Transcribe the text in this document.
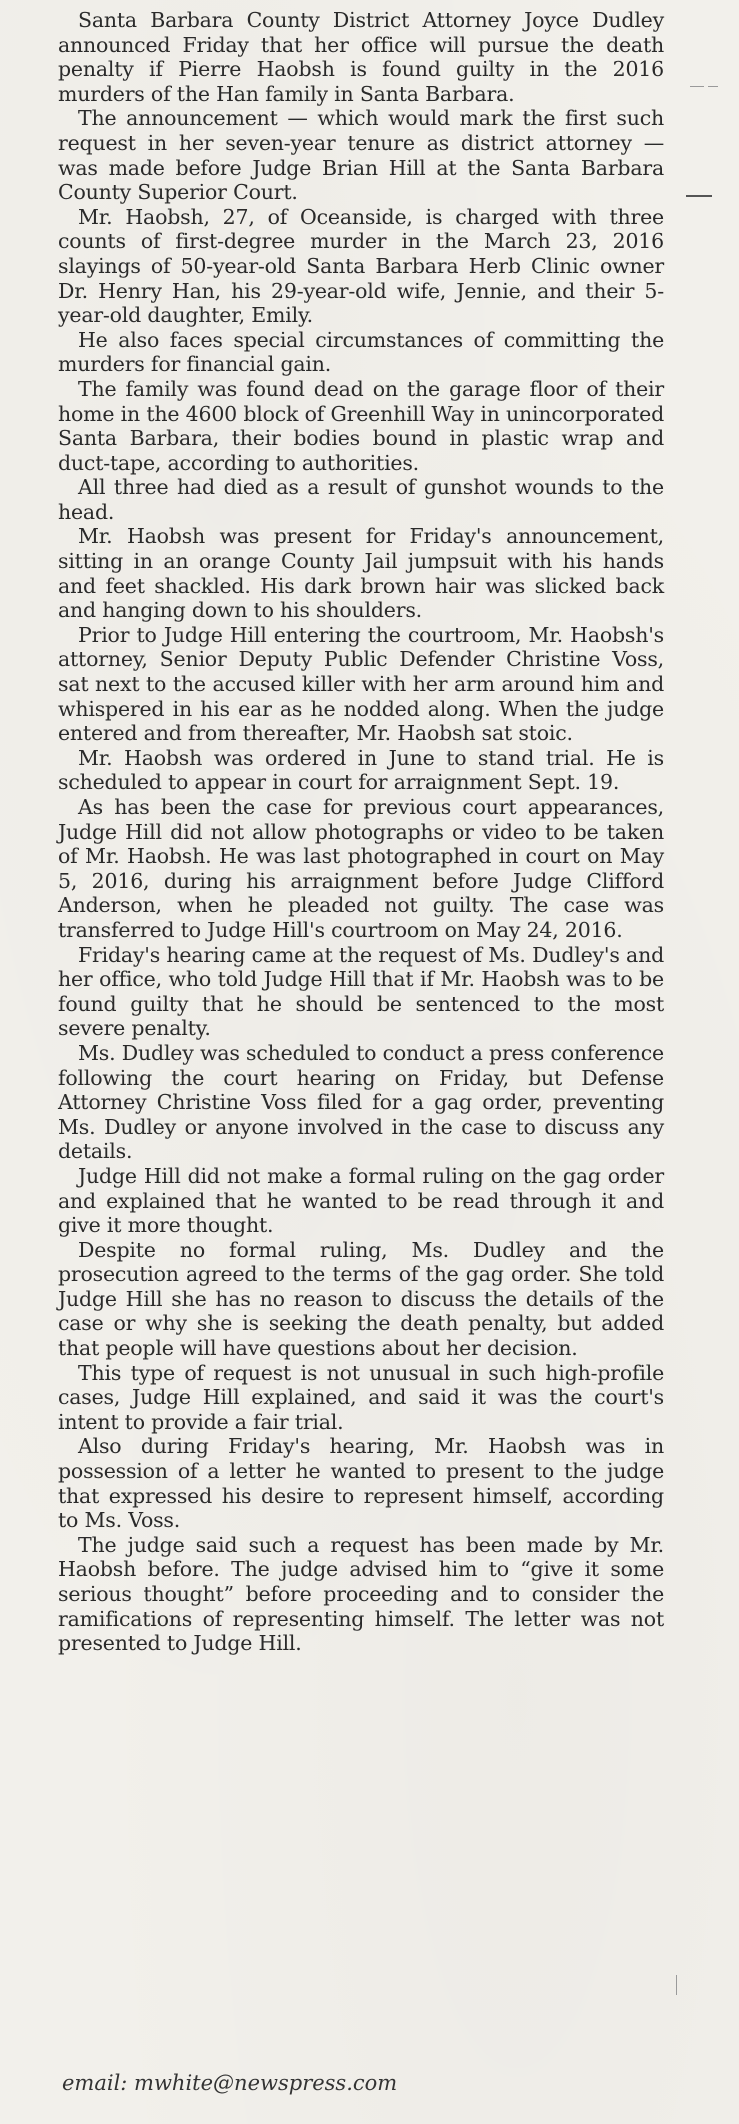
Santa Barbara County District Attorney Joyce Dudley announced Friday that her office will pursue the death penalty if Pierre Haobsh is found guilty in the 2016 murders of the Han family in Santa Barbara.

The announcement — which would mark the first such request in her seven-year tenure as district attorney — was made before Judge Brian Hill at the Santa Barbara County Superior Court.

Mr. Haobsh, 27, of Oceanside, is charged with three counts of first-degree murder in the March 23, 2016 slayings of 50-year-old Santa Barbara Herb Clinic owner Dr. Henry Han, his 29-year-old wife, Jennie, and their 5-year-old daughter, Emily.

He also faces special circumstances of committing the murders for financial gain.

The family was found dead on the garage floor of their home in the 4600 block of Greenhill Way in unincorporated Santa Barbara, their bodies bound in plastic wrap and duct-tape, according to authorities.

All three had died as a result of gunshot wounds to the head.

Mr. Haobsh was present for Friday's announcement, sitting in an orange County Jail jumpsuit with his hands and feet shackled. His dark brown hair was slicked back and hanging down to his shoulders.

Prior to Judge Hill entering the courtroom, Mr. Haobsh's attorney, Senior Deputy Public Defender Christine Voss, sat next to the accused killer with her arm around him and whispered in his ear as he nodded along. When the judge entered and from thereafter, Mr. Haobsh sat stoic.

Mr. Haobsh was ordered in June to stand trial. He is scheduled to appear in court for arraignment Sept. 19.

As has been the case for previous court appearances, Judge Hill did not allow photographs or video to be taken of Mr. Haobsh. He was last photographed in court on May 5, 2016, during his arraignment before Judge Clifford Anderson, when he pleaded not guilty. The case was transferred to Judge Hill's courtroom on May 24, 2016.

Friday's hearing came at the request of Ms. Dudley's and her office, who told Judge Hill that if Mr. Haobsh was to be found guilty that he should be sentenced to the most severe penalty.

Ms. Dudley was scheduled to conduct a press conference following the court hearing on Friday, but Defense Attorney Christine Voss filed for a gag order, preventing Ms. Dudley or anyone involved in the case to discuss any details.

Judge Hill did not make a formal ruling on the gag order and explained that he wanted to be read through it and give it more thought.

Despite no formal ruling, Ms. Dudley and the prosecution agreed to the terms of the gag order. She told Judge Hill she has no reason to discuss the details of the case or why she is seeking the death penalty, but added that people will have questions about her decision.

This type of request is not unusual in such high-profile cases, Judge Hill explained, and said it was the court's intent to provide a fair trial.

Also during Friday's hearing, Mr. Haobsh was in possession of a letter he wanted to present to the judge that expressed his desire to represent himself, according to Ms. Voss.

The judge said such a request has been made by Mr. Haobsh before. The judge advised him to “give it some serious thought” before proceeding and to consider the ramifications of representing himself. The letter was not presented to Judge Hill.

email: mwhite@newspress.com
